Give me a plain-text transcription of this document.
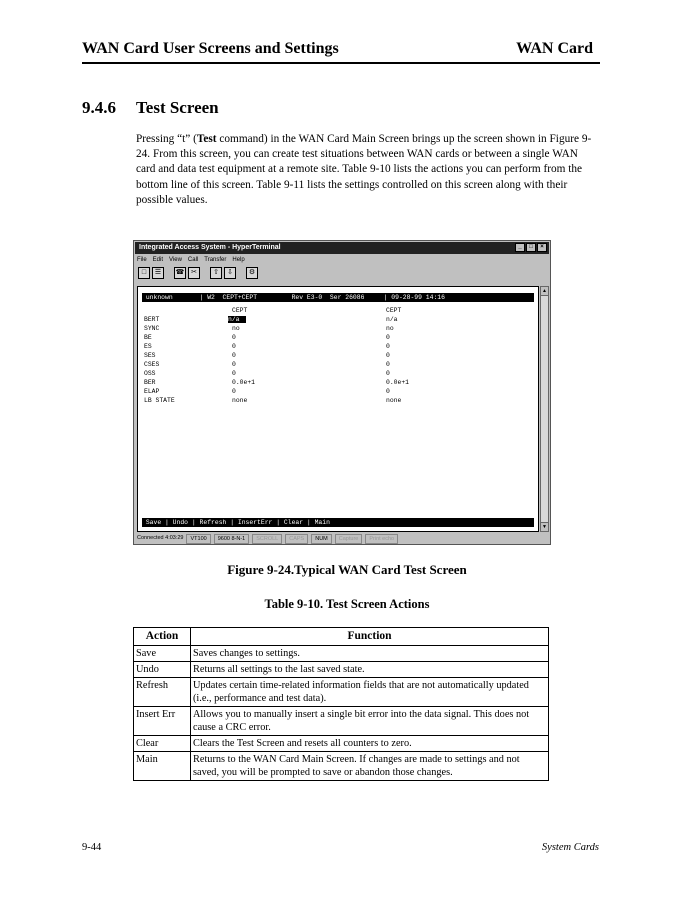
WAN Card User Screens and Settings	WAN Card
9.4.6 Test Screen
Pressing “t” (Test command) in the WAN Card Main Screen brings up the screen shown in Figure 9-24. From this screen, you can create test situations between WAN cards or between a single WAN card and data test equipment at a remote site. Table 9-10 lists the actions you can perform from the bottom line of this screen. Table 9-11 lists the settings controlled on this screen along with their possible values.
Integrated Access System - HyperTerminal	_	□	×
File Edit View Call Transfer Help
□	☰	☎ ✂	⇧	⇩	⚙
unknown       | W2  CEPT+CEPT         Rev E3-0  Ser 26086     | 09-28-99 14:16
CEPT	CEPT
BERT	n/a	n/a
SYNC	no	no
BE	0	0
ES	0	0
SES	0	0
CSES	0	0
OSS	0	0
BER	0.0e+1	0.0e+1
ELAP	0	0
LB STATE	none	none
Save | Undo | Refresh | InsertErr | Clear | Main
▲
▼
Connected 4:03:29	VT100	9600 8-N-1	SCROLL	CAPS	NUM	Capture	Print echo
Figure 9-24.Typical WAN Card Test Screen
Table 9-10. Test Screen Actions
Action	Function
Save	Saves changes to settings.
Undo	Returns all settings to the last saved state.
Refresh	Updates certain time-related information fields that are not automatically updated (i.e., performance and test data).
Insert Err	Allows you to manually insert a single bit error into the data signal. This does not cause a CRC error.
Clear	Clears the Test Screen and resets all counters to zero.
Main	Returns to the WAN Card Main Screen. If changes are made to settings and not saved, you will be prompted to save or abandon those changes.
9-44	System Cards
